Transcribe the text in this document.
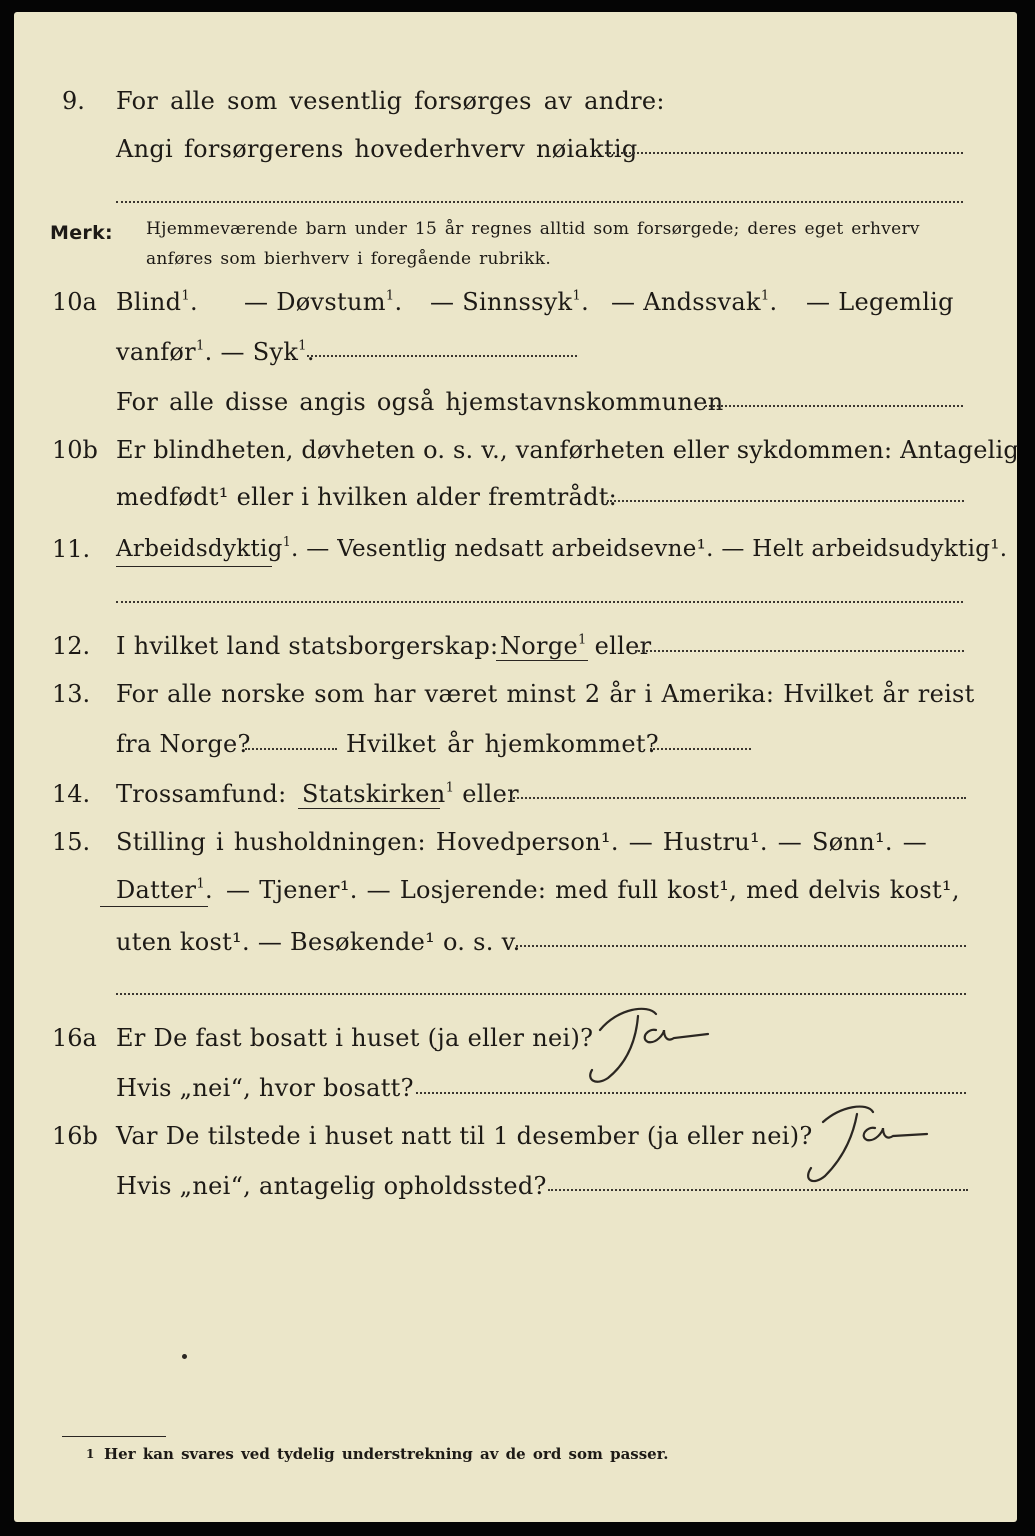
9. For alle som vesentlig forsørges av andre:
Angi forsørgerens hovederhverv nøiaktig
Merk: Hjemmeværende barn under 15 år regnes alltid som forsørgede; deres eget erhverv
anføres som bierhverv i foregående rubrikk.
10a Blind$^1$. — Døvstum$^1$. — Sinnssyk$^1$. — Andssvak$^1$. — Legemlig
vanfør$^1$. — Syk$^1$.
For alle disse angis også hjemstavnskommunen
10b Er blindheten, døvheten o. s. v., vanførheten eller sykdommen: Antagelig
medfødt¹ eller i hvilken alder fremtrådt:
11. Arbeidsdyktig$^1$. — Vesentlig nedsatt arbeidsevne¹. — Helt arbeidsudyktig¹.
12. I hvilket land statsborgerskap: Norge$^1$ eller
13. For alle norske som har været minst 2 år i Amerika: Hvilket år reist
fra Norge?	Hvilket år hjemkommet?
14. Trossamfund: Statskirken$^1$ eller
15. Stilling i husholdningen: Hovedperson¹. — Hustru¹. — Sønn¹. —
Datter$^1$. — Tjener¹. — Losjerende: med full kost¹, med delvis kost¹,
uten kost¹. — Besøkende¹ o. s. v.
16a Er De fast bosatt i huset (ja eller nei)?
Hvis „nei“, hvor bosatt?
16b Var De tilstede i huset natt til 1 desember (ja eller nei)?
Hvis „nei“, antagelig opholdssted?
1 Her kan svares ved tydelig understrekning av de ord som passer.
